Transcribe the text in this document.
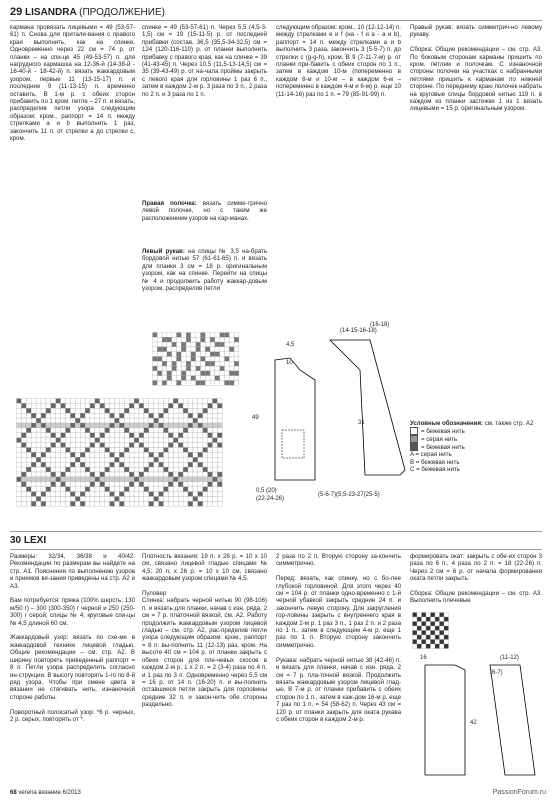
29 LISANDRA (ПРОДОЛЖЕНИЕ)
кармана провязать лицевыми = 49 (53-57-61) п. Снова для притали-вания с правого края выполнить, как на спинке. Одновременно через 22 см = 74 р. от планки – на спи-це 45 (49-53-57) п. для нагрудного кармашка на 12-36-й (14-38-й - 16-40-й - 18-42-й) п. вязать жаккардовым узором, первые 11 (13-15-17) п. и последние 9 (11-13-15) п. временно оставить. В 1-м р. с обеих сторон прибавить по 1 кром. петле – 27 п. и вязать, распределив петли узора следующим образом: кром., раппорт = 14 п. между стрелками a и b выполнить 1 раз, закончить 11 п. от стрелки a до стрелки с, кром.
спинке = 49 (53-57-61) п. Через 5,5 (4,5-3-1,5) см = 19 (15-11-5) р. от последней прибавки (состав. 36,5 (35,5-34-32,5) см = 124 (120-116-110) р. от планки выполнить прибавку с правого края, как на спинке = 39 (41-43-45) п. Через 10,5 (11,5-13-14,5) см = 35 (39-43-49) р. от на-чала проймы закрыть с левого края для горловины 1 раз 6 п., затем в каждом 2-м р. 3 раза по 3 п., 2 раза по 2 п. и 3 раза по 1 п.
Правая полочка: вязать симме-трично левой полочке, но с таким же расположением узоров на кар-манах.
Левый рукав: на спицы № 3,5 на-брать бордовой нитью 57 (61-61-65) п. и вязать для планки 3 см = 18 р. оригинальным узором, как на спинке. Перейти на спицы № 4 и продолжить работу жаккар-довым узором, распределив петли
следующим образом: кром., 10 (12-12-14) п. между стрелками е и f (на - f и а - а и b), раппорт = 14 п. между стрелками а и b выполнить 3 раза, закончить 3 (5-5-7) п. до стрелки с (g-g-h), кром. В 9 (7-11-7-м) р. от планки при-бавить с обеих сторон по 1 п., затем в каждом 10-м (попеременно в каждом 8-м и 10-м – в каждом 6-м – попеременно в каждом 4-м и 6-м) р. еще 10 (11-14-16) раз по 1 п. = 79 (85-91-99) п.
Правый рукав: вязать симметрич-но левому рукаву.

Сборка: Общие рекомендации – см. стр. A3. По боковым сторонам карманы пришить по кром. петлям и полочкам. С изнаночной стороны полочки на участках с набранными петлями пришить к карманам по нижней стороне. По переднему краю полочек набрать на круговые спицы бордовой нитью 119 п. в каждом из планки застежки 1 из 1 вязать лицевыми = 15 р. оригинальным узором.
(14-15-16-18)
(16-18)
49
4,5
10
31
(5-6-7)(5,5-23-27(25-5)
0,5 (20)
(22-24-26)
Условные обозначения: см. также стр. А2
= бежевая нить
= серая нить
= бежевая нить
A = серая нить
B = бежевая нить
C = бежевая нить
30 LEXI
Размеры: 32/34, 36/38 и 40/42. Рекомендации по размерам вы найдете на стр. A1. Пояснения по выполнению узоров и приемов вя-зания приведены на стр. A2 и A3.

Вам потребуется: пряжа (100% шерсть; 130 м/50 г) – 300 (300-350) г черной и 250 (250-300) г серой; спицы № 4; круговые спи-цы № 4,5 длиной 60 см.

Жаккардовый узор: вязать по схе-ме в жаккардовой технике лицевой гладью. Общие рекомендации – см. стр. A2. В ширину повторять приведенный раппорт = 8 п. Петли узора распределить согласно ин-струкции. В высоту повторять 1-го по 8-й ряд узора. Чтобы при смене цвета в вязании не стягивать нить, изнаночной стороне работы.

Поворотный полосатый узор: *6 р. черных, 2 р. серых, повторять от *.
Плотность вязания: 19 п. х 28 р. = 10 х 10 см, связано лицевой гладью спицами № 4,5; 20 п. х 26 р. = 10 х 10 см, связано жаккардовым узором спицами № 4,5.

Пуловер
Спинка: набрать черной нитью 90 (98-106) п. и вязать для планки, начав с изн. ряда, 2 см = 7 р. платочной вязкой, см. A2. Работу продолжить жаккардовым узором лицевой гладью – см. стр. A2, рас-пределив петли узора следующим образом: кром., раппорт = 8 п. вы-полнить 11 (12-13) раз, кром. На высоте 40 см = 104 р. от планки закрыть с обеих сторон для пле-чевых скосов в каждом 2-м р. 1 х 2 п. = 2 (3-4) раза по 4 п. и 1 раз по 3 п. Одновременно через 5,5 см = 16 р. от 14 п. (16-20) п. и вы-полнить оставшиеся петли закрыть для горловины средние 32 п. и закон-чить обе стороны раздельно.
2 раза по 2 п. Вторую сторону за-кончить симметрично.

Перед: вязать, как спинку, но с бо-лее глубокой горловиной. Для этого через 40 см = 104 р. от планки одно-временно с 1-й черной убавкой закрыть средние 24 п. и закончить левую сторону. Для закругления гор-ловины закрыть с внутреннего края в каждом 2-м р. 1 раз 3 п., 1 раз 2 п. и 2 раза по 1 п., затем в следующем 4-м р. еще 1 раз по 1 п. Вторую сторону закончить симметрично.

Рукава: набрать черной нитью 38 (42-46) п. и вязать для планки, начав с изн. ряда, 2 см = 7 р. пла-точной вязкой. Продолжить вязать жаккардовым узором лицевой глад-ью. В 7-м р. от планки прибавить с обеих сторон по 1 п., затем в каж-дом 16-м р. еще 7 раз по 1 п. = 54 (58-62) п. Через 43 см = 120 р. от планки закрыть для оката рукава с обеих сторон в каждом 2-м р.
формировать окат: закрыть с обе-их сторон 3 раза по 6 п., 4 раза по 2 п. = 18 (22-26) п. Через 2 см = 6 р. от начала формирования оката петли закрыть.

Сборка: Общие рекомендации – см. стр. A3. Выполнить плечевые
16
42
(11-12)
(6-7)
68 verena вязание 6/2013	PassionForum.ru
